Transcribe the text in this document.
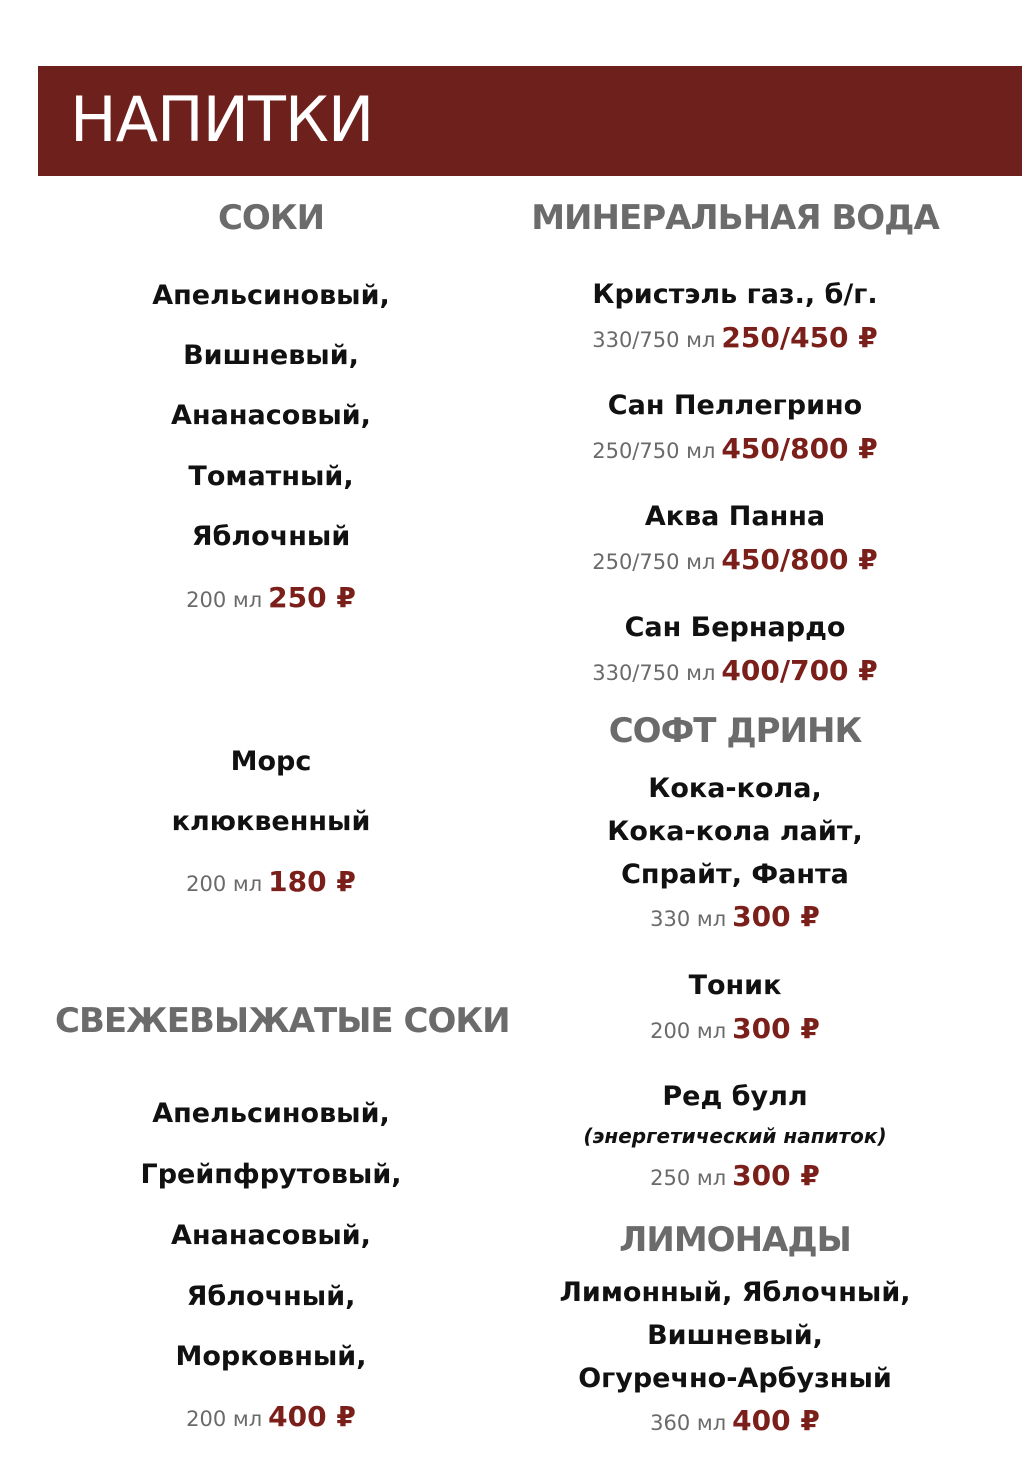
НАПИТКИ
СОКИ
Апельсиновый,
Вишневый,
Ананасовый,
Томатный,
Яблочный
200 мл 250 ₽
Морс
клюквенный
200 мл 180 ₽
СВЕЖЕВЫЖАТЫЕ СОКИ
Апельсиновый,
Грейпфрутовый,
Ананасовый,
Яблочный,
Морковный,
200 мл 400 ₽
МИНЕРАЛЬНАЯ ВОДА
Кристэль газ., б/г.
330/750 мл 250/450 ₽
Сан Пеллегрино
250/750 мл 450/800 ₽
Аква Панна
250/750 мл 450/800 ₽
Сан Бернардо
330/750 мл 400/700 ₽
СОФТ ДРИНК
Кока-кола,
Кока-кола лайт,
Спрайт, Фанта
330 мл 300 ₽
Тоник
200 мл 300 ₽
Ред булл
(энергетический напиток)
250 мл 300 ₽
ЛИМОНАДЫ
Лимонный, Яблочный,
Вишневый,
Огуречно-Арбузный
360 мл 400 ₽
